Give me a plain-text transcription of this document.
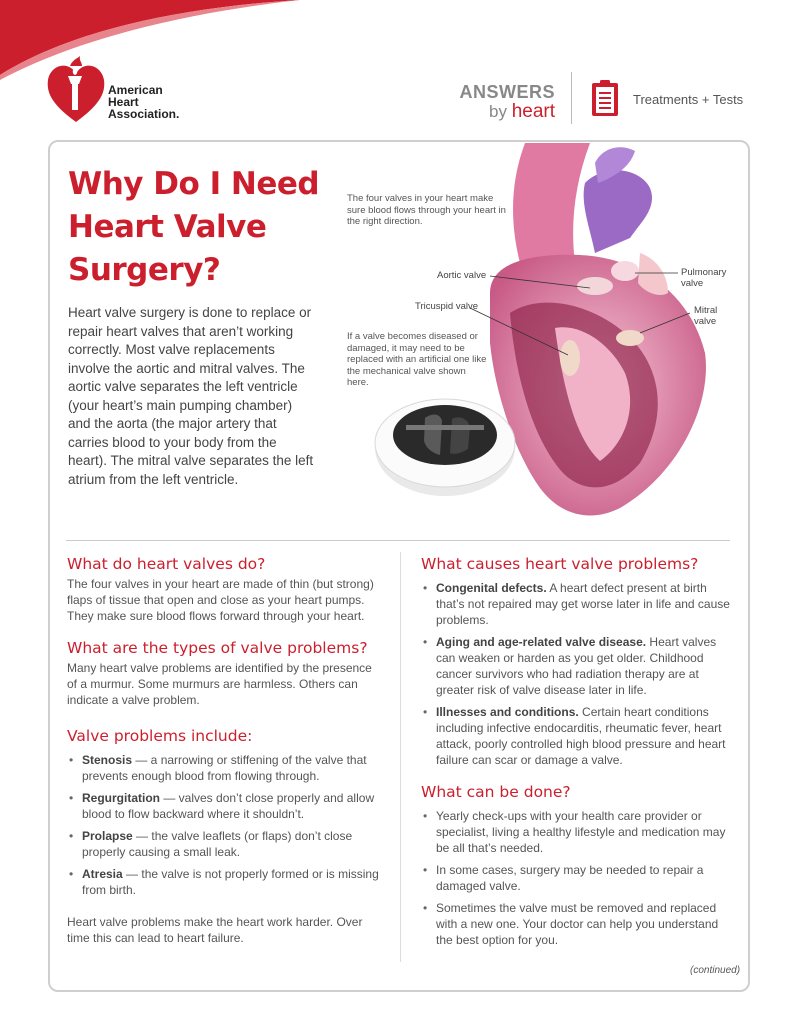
American
Heart
Association.
ANSWERS
by heart
Treatments + Tests
Why Do I Need Heart Valve Surgery?
Heart valve surgery is done to replace or repair heart valves that aren’t working correctly. Most valve replacements involve the aortic and mitral valves. The aortic valve separates the left ventricle (your heart’s main pumping chamber) and the aorta (the major artery that carries blood to your body from the heart). The mitral valve separates the left atrium from the left ventricle.
The four valves in your heart make sure blood flows through your heart in the right direction.
If a valve becomes diseased or damaged, it may need to be replaced with an artificial one like the mechanical valve shown here.
Aortic valve
Tricuspid valve
Pulmonary
valve
Mitral
valve
What do heart valves do?

The four valves in your heart are made of thin (but strong) flaps of tissue that open and close as your heart pumps. They make sure blood flows forward through your heart.

What are the types of valve problems?

Many heart valve problems are identified by the presence of a murmur. Some murmurs are harmless. Others can indicate a valve problem.

Valve problems include:
• Stenosis — a narrowing or stiffening of the valve that prevents enough blood from flowing through.
• Regurgitation — valves don’t close properly and allow blood to flow backward where it shouldn’t.
• Prolapse — the valve leaflets (or flaps) don’t close properly causing a small leak.
• Atresia — the valve is not properly formed or is missing from birth.

Heart valve problems make the heart work harder. Over time this can lead to heart failure.

What causes heart valve problems?
• Congenital defects. A heart defect present at birth that’s not repaired may get worse later in life and cause problems.
• Aging and age-related valve disease. Heart valves can weaken or harden as you get older. Childhood cancer survivors who had radiation therapy are at greater risk of valve disease later in life.
• Illnesses and conditions. Certain heart conditions including infective endocarditis, rheumatic fever, heart attack, poorly controlled high blood pressure and heart failure can scar or damage a valve.
What can be done?
• Yearly check-ups with your health care provider or specialist, living a healthy lifestyle and medication may be all that’s needed.
• In some cases, surgery may be needed to repair a damaged valve.
• Sometimes the valve must be removed and replaced with a new one. Your doctor can help you understand the best option for you.
(continued)
